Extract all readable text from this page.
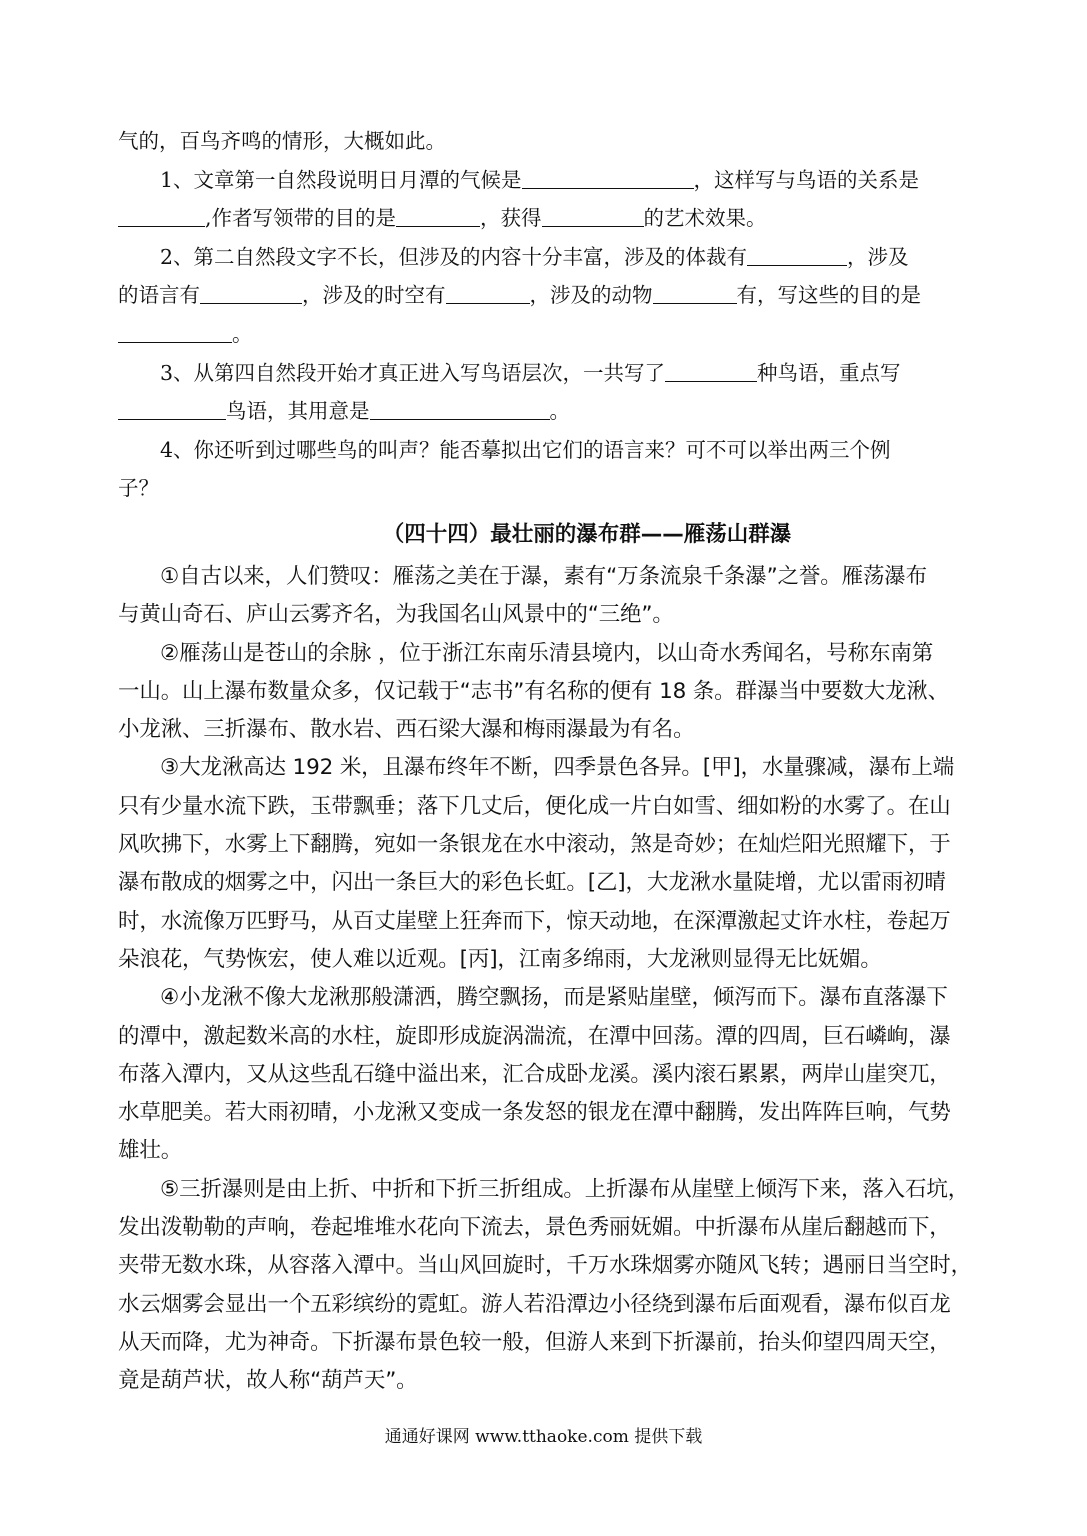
气的，百鸟齐鸣的情形，大概如此。

1、文章第一自然段说明日月潭的气候是	，这样写与鸟语的关系是

,作者写领带的目的是	，获得	的艺术效果。

2、第二自然段文字不长，但涉及的内容十分丰富，涉及的体裁有	，涉及

的语言有	，涉及的时空有	，涉及的动物	有，写这些的目的是

。

3、从第四自然段开始才真正进入写鸟语层次，一共写了	种鸟语，重点写

鸟语，其用意是	。

4、你还听到过哪些鸟的叫声？能否摹拟出它们的语言来？可不可以举出两三个例

子？

（四十四）最壮丽的瀑布群——雁荡山群瀑

①自古以来，人们赞叹：雁荡之美在于瀑，素有“万条流泉千条瀑”之誉。雁荡瀑布

与黄山奇石、庐山云雾齐名，为我国名山风景中的“三绝”。

②雁荡山是苍山的余脉 ，位于浙江东南乐清县境内，以山奇水秀闻名，号称东南第

一山。山上瀑布数量众多，仅记载于“志书”有名称的便有 18 条。群瀑当中要数大龙湫、

小龙湫、三折瀑布、散水岩、西石梁大瀑和梅雨瀑最为有名。

③大龙湫高达 192 米，且瀑布终年不断，四季景色各异。[甲]，水量骤减，瀑布上端

只有少量水流下跌，玉带飘垂；落下几丈后，便化成一片白如雪、细如粉的水雾了。在山

风吹拂下，水雾上下翻腾，宛如一条银龙在水中滚动，煞是奇妙；在灿烂阳光照耀下，于

瀑布散成的烟雾之中，闪出一条巨大的彩色长虹。[乙]，大龙湫水量陡增，尤以雷雨初晴

时，水流像万匹野马，从百丈崖壁上狂奔而下，惊天动地，在深潭激起丈许水柱，卷起万

朵浪花，气势恢宏，使人难以近观。[丙]，江南多绵雨，大龙湫则显得无比妩媚。

④小龙湫不像大龙湫那般潇洒，腾空飘扬，而是紧贴崖壁，倾泻而下。瀑布直落瀑下

的潭中，激起数米高的水柱，旋即形成旋涡湍流，在潭中回荡。潭的四周，巨石嶙峋，瀑

布落入潭内，又从这些乱石缝中溢出来，汇合成卧龙溪。溪内滚石累累，两岸山崖突兀，

水草肥美。若大雨初晴，小龙湫又变成一条发怒的银龙在潭中翻腾，发出阵阵巨响，气势

雄壮。

⑤三折瀑则是由上折、中折和下折三折组成。上折瀑布从崖壁上倾泻下来，落入石坑，

发出泼勒勒的声响，卷起堆堆水花向下流去，景色秀丽妩媚。中折瀑布从崖后翻越而下，

夹带无数水珠，从容落入潭中。当山风回旋时，千万水珠烟雾亦随风飞转；遇丽日当空时，

水云烟雾会显出一个五彩缤纷的霓虹。游人若沿潭边小径绕到瀑布后面观看，瀑布似百龙

从天而降，尤为神奇。下折瀑布景色较一般，但游人来到下折瀑前，抬头仰望四周天空，

竟是葫芦状，故人称“葫芦天”。

通通好课网 www.tthaoke.com 提供下载
